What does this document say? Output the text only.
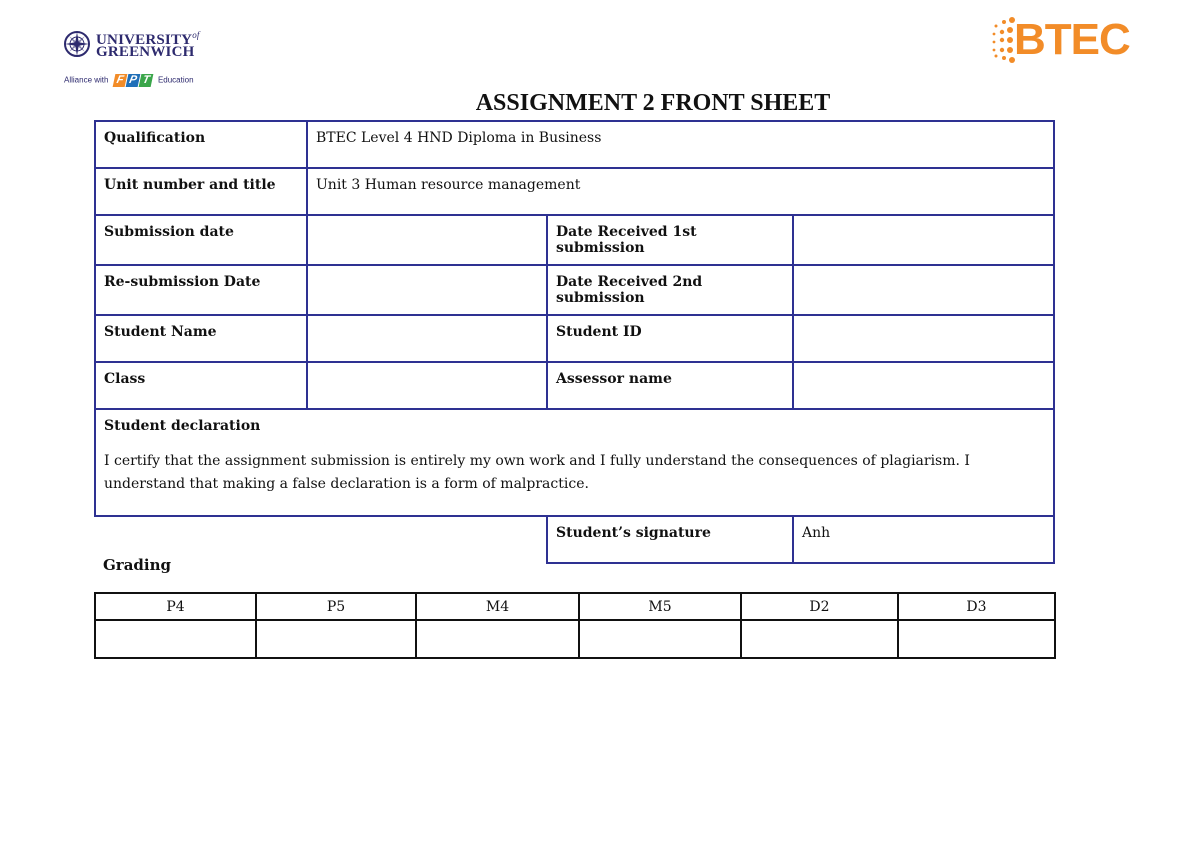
$UNIVERSITY^{of}$
GREENWICH
Alliance with F P T Education
BTEC
ASSIGNMENT 2 FRONT SHEET
Qualification	BTEC Level 4 HND Diploma in Business		
Unit number and title	Unit 3 Human resource management		
Submission date		Date Received 1st submission	
Re-submission Date		Date Received 2nd submission	
Student Name		Student ID	
Class		Assessor name	

Student declaration
I certify that the assignment submission is entirely my own work and I fully understand the consequences of plagiarism. I understand that making a false declaration is a form of malpractice.			

		Student’s signature	Anh
Grading
P4	P5	M4	M5	D2	D3
